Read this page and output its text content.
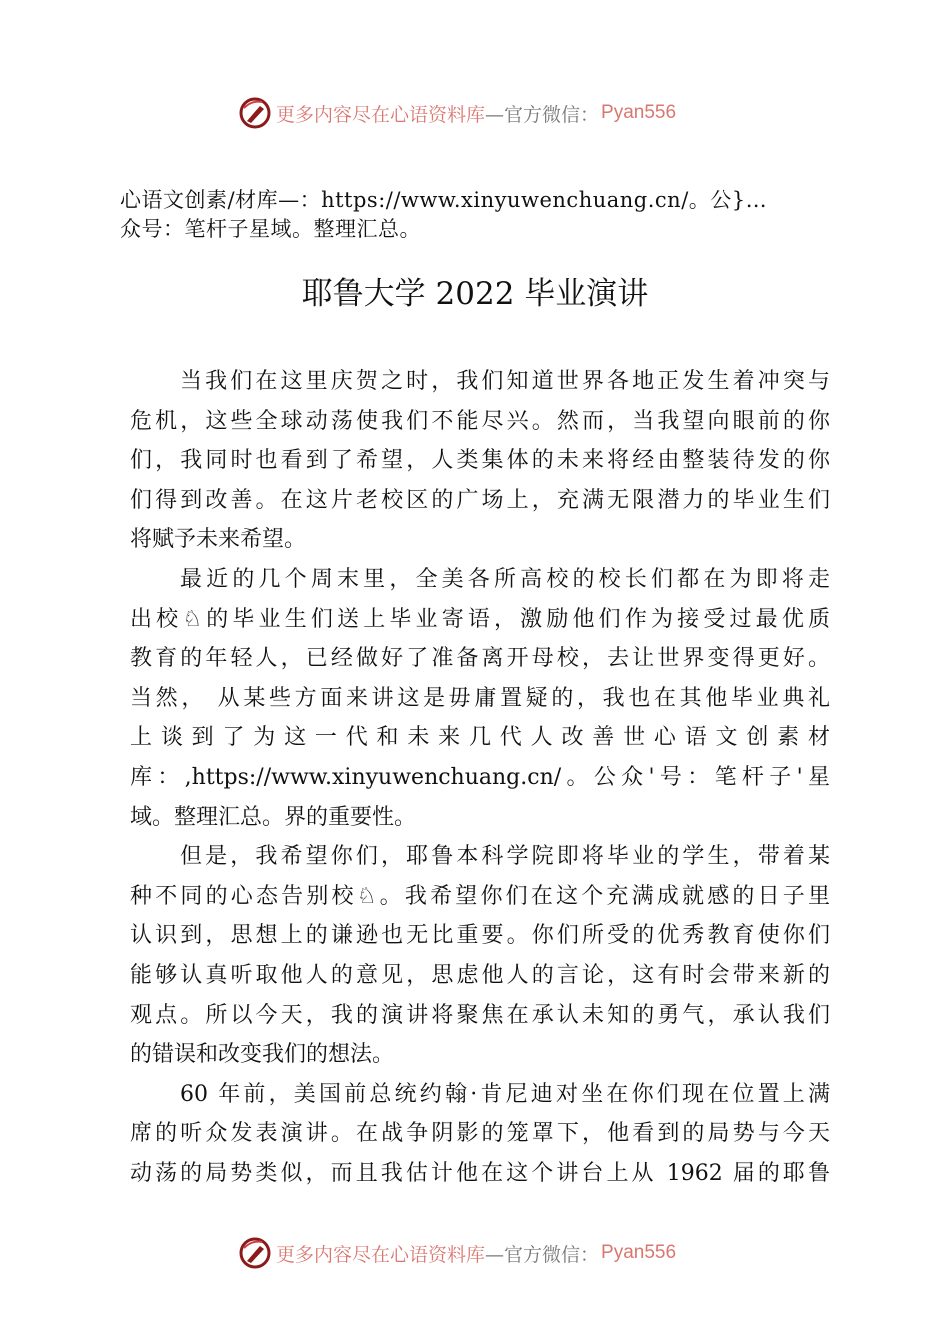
更多内容尽在心语资料库 —官方微信： Pyan556
心语文创素/材库—：https://www.xinyuwenchuang.cn/。公}…
众号：笔杆子星域。整理汇总。
耶鲁大学 2022 毕业演讲
当我们在这里庆贺之时，我们知道世界各地正发生着冲突与
危机，这些全球动荡使我们不能尽兴。然而，当我望向眼前的你
们，我同时也看到了希望，人类集体的未来将经由整装待发的你
们得到改善。在这片老校区的广场上，充满无限潜力的毕业生们
将赋予未来希望。
最近的几个周末里，全美各所高校的校长们都在为即将走
出校♘的毕业生们送上毕业寄语，激励他们作为接受过最优质
教育的年轻人，已经做好了准备离开母校，去让世界变得更好。
当然， 从某些方面来讲这是毋庸置疑的，我也在其他毕业典礼
上谈到了为这一代和未来几代人改善世心语文创素材
库：,https://www.xinyuwenchuang.cn/。公众'号：笔杆子'星
域。整理汇总。界的重要性。
但是，我希望你们，耶鲁本科学院即将毕业的学生，带着某
种不同的心态告别校♘。我希望你们在这个充满成就感的日子里
认识到，思想上的谦逊也无比重要。你们所受的优秀教育使你们
能够认真听取他人的意见，思虑他人的言论，这有时会带来新的
观点。所以今天，我的演讲将聚焦在承认未知的勇气，承认我们
的错误和改变我们的想法。
60 年前，美国前总统约翰·肯尼迪对坐在你们现在位置上满
席的听众发表演讲。在战争阴影的笼罩下，他看到的局势与今天
动荡的局势类似，而且我估计他在这个讲台上从 1962 届的耶鲁
更多内容尽在心语资料库 —官方微信： Pyan556
